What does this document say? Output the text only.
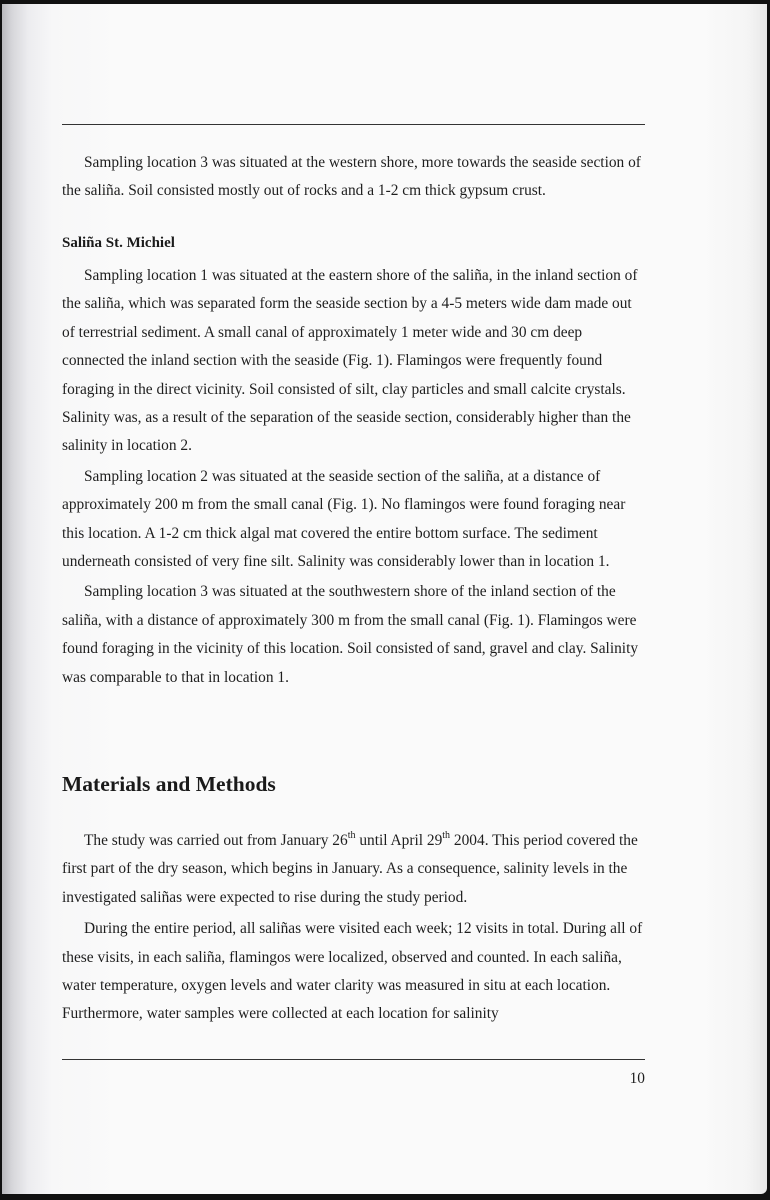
Sampling location 3 was situated at the western shore, more towards the seaside section of the saliña. Soil consisted mostly out of rocks and a 1-2 cm thick gypsum crust.

Saliña St. Michiel

Sampling location 1 was situated at the eastern shore of the saliña, in the inland section of the saliña, which was separated form the seaside section by a 4-5 meters wide dam made out of terrestrial sediment. A small canal of approximately 1 meter wide and 30 cm deep connected the inland section with the seaside (Fig. 1). Flamingos were frequently found foraging in the direct vicinity. Soil consisted of silt, clay particles and small calcite crystals. Salinity was, as a result of the separation of the seaside section, considerably higher than the salinity in location 2.

Sampling location 2 was situated at the seaside section of the saliña, at a distance of approximately 200 m from the small canal (Fig. 1). No flamingos were found foraging near this location. A 1-2 cm thick algal mat covered the entire bottom surface. The sediment underneath consisted of very fine silt. Salinity was considerably lower than in location 1.

Sampling location 3 was situated at the southwestern shore of the inland section of the saliña, with a distance of approximately 300 m from the small canal (Fig. 1). Flamingos were found foraging in the vicinity of this location. Soil consisted of sand, gravel and clay. Salinity was comparable to that in location 1.

Materials and Methods

The study was carried out from January 26th until April 29th 2004. This period covered the first part of the dry season, which begins in January. As a consequence, salinity levels in the investigated saliñas were expected to rise during the study period.

During the entire period, all saliñas were visited each week; 12 visits in total. During all of these visits, in each saliña, flamingos were localized, observed and counted. In each saliña, water temperature, oxygen levels and water clarity was measured in situ at each location. Furthermore, water samples were collected at each location for salinity

10
